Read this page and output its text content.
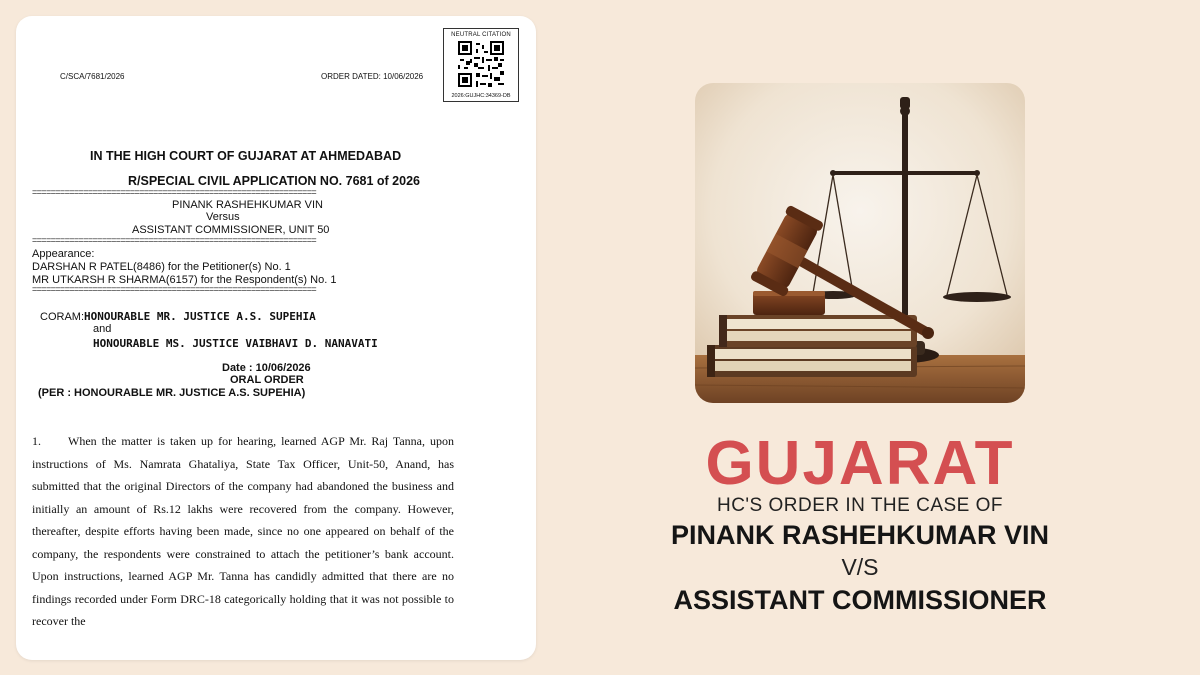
C/SCA/7681/2026	ORDER DATED: 10/06/2026
NEUTRAL CITATION
2026:GUJHC:34369-DB
IN THE HIGH COURT OF GUJARAT AT AHMEDABAD
R/SPECIAL CIVIL APPLICATION NO. 7681 of 2026
=============================================================
PINANK RASHEHKUMAR VIN
Versus
ASSISTANT COMMISSIONER, UNIT 50
=============================================================
Appearance:
DARSHAN R PATEL(8486) for the Petitioner(s) No. 1
MR UTKARSH R SHARMA(6157) for the Respondent(s) No. 1
=============================================================
CORAM:HONOURABLE MR. JUSTICE A.S. SUPEHIA
and
HONOURABLE MS. JUSTICE VAIBHAVI D. NANAVATI
Date : 10/06/2026
ORAL ORDER
(PER : HONOURABLE MR. JUSTICE A.S. SUPEHIA)
1. When the matter is taken up for hearing, learned AGP Mr. Raj Tanna, upon instructions of Ms. Namrata Ghataliya, State Tax Officer, Unit-50, Anand, has submitted that the original Directors of the company had abandoned the business and initially an amount of Rs.12 lakhs were recovered from the company. However, thereafter, despite efforts having been made, since no one appeared on behalf of the company, the respondents were constrained to attach the petitioner’s bank account. Upon instructions, learned AGP Mr. Tanna has candidly admitted that there are no findings recorded under Form DRC-18 categorically holding that it was not possible to recover the
GUJARAT
HC'S ORDER IN THE CASE OF
PINANK RASHEHKUMAR VIN
V/S
ASSISTANT COMMISSIONER
